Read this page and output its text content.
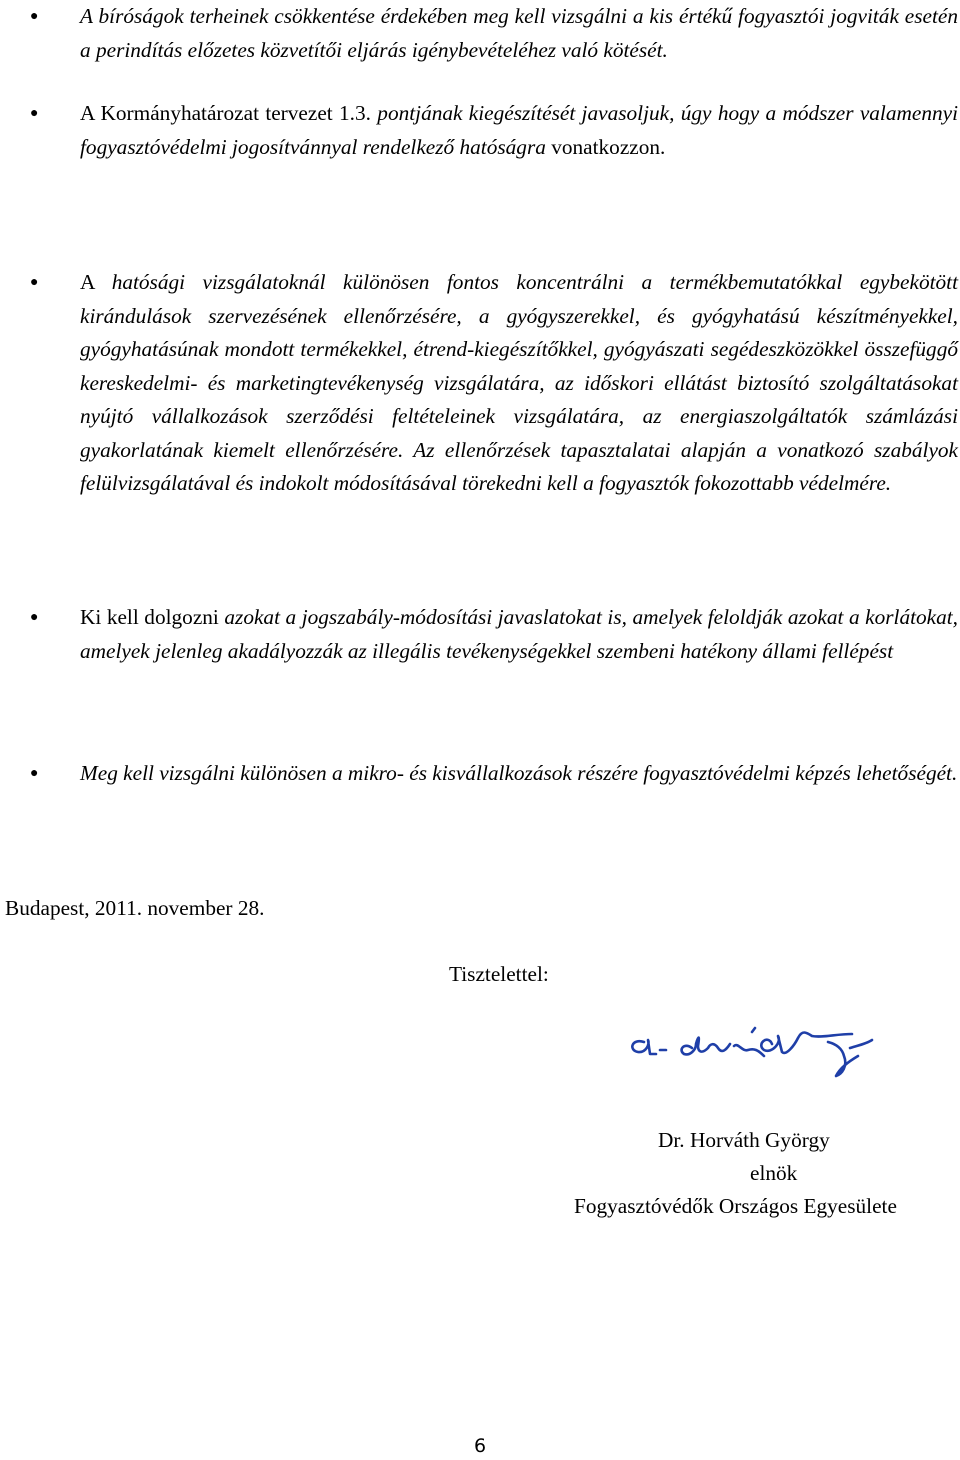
● A bíróságok terheinek csökkentése érdekében meg kell vizsgálni a kis értékű fogyasztói jogviták esetén a perindítás előzetes közvetítői eljárás igénybevételéhez való kötését.
● A Kormányhatározat tervezet 1.3. pontjának kiegészítését javasoljuk, úgy hogy a módszer valamennyi fogyasztóvédelmi jogosítvánnyal rendelkező hatóságra vonatkozzon.
● A hatósági vizsgálatoknál különösen fontos koncentrálni a termékbemutatókkal egybekötött kirándulások szervezésének ellenőrzésére, a gyógyszerekkel, és gyógyhatású készítményekkel, gyógyhatásúnak mondott termékekkel, étrend-kiegészítőkkel, gyógyászati segédeszközökkel összefüggő kereskedelmi- és marketingtevékenység vizsgálatára, az időskori ellátást biztosító szolgáltatásokat nyújtó vállalkozások szerződési feltételeinek vizsgálatára, az energiaszolgáltatók számlázási gyakorlatának kiemelt ellenőrzésére. Az ellenőrzések tapasztalatai alapján a vonatkozó szabályok felülvizsgálatával és indokolt módosításával törekedni kell a fogyasztók fokozottabb védelmére.
● Ki kell dolgozni azokat a jogszabály-módosítási javaslatokat is, amelyek feloldják azokat a korlátokat, amelyek jelenleg akadályozzák az illegális tevékenységekkel szembeni hatékony állami fellépést
● Meg kell vizsgálni különösen a mikro- és kisvállalkozások részére fogyasztóvédelmi képzés lehetőségét.
Budapest, 2011. november 28.
Tisztelettel:
Dr. Horváth György
elnök
Fogyasztóvédők Országos Egyesülete
6
